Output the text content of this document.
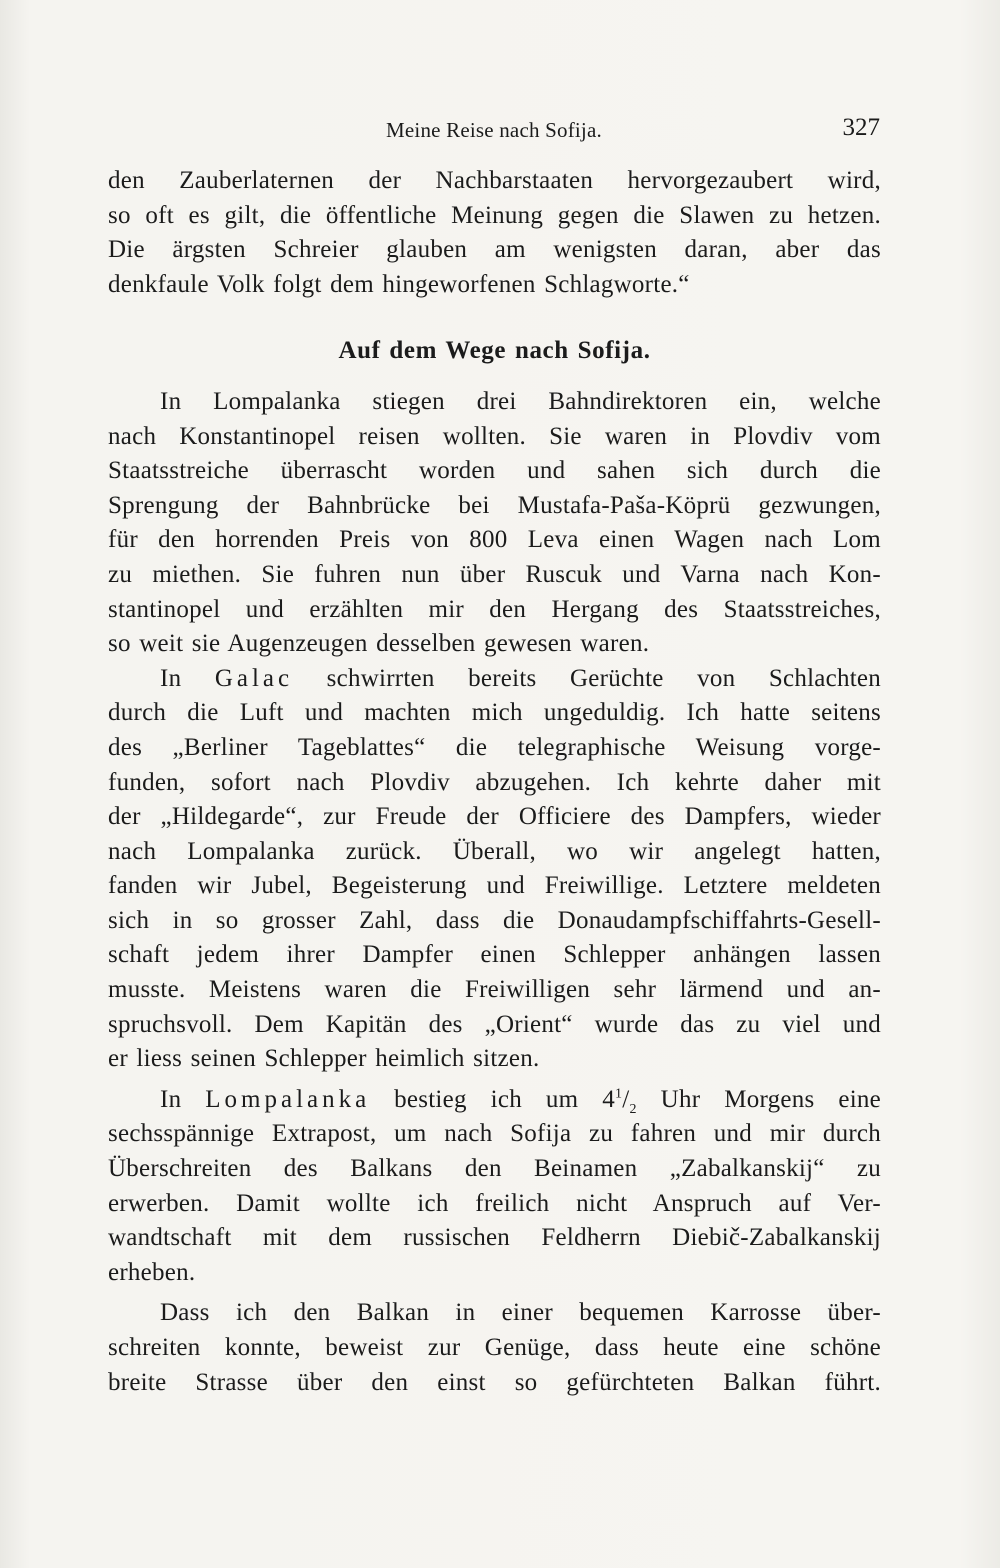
Meine Reise nach Sofija.	327

den Zauberlaternen der Nachbarstaaten hervorgezaubert wird,
so oft es gilt, die öffentliche Meinung gegen die Slawen zu hetzen.
Die ärgsten Schreier glauben am wenigsten daran, aber das
denkfaule Volk folgt dem hingeworfenen Schlagworte.“

Auf dem Wege nach Sofija.

In Lompalanka stiegen drei Bahndirektoren ein, welche
nach Konstantinopel reisen wollten. Sie waren in Plovdiv vom
Staatsstreiche überrascht worden und sahen sich durch die
Sprengung der Bahnbrücke bei Mustafa-Paša-Köprü gezwungen,
für den horrenden Preis von 800 Leva einen Wagen nach Lom
zu miethen. Sie fuhren nun über Ruscuk und Varna nach Kon-
stantinopel und erzählten mir den Hergang des Staatsstreiches,
so weit sie Augenzeugen desselben gewesen waren.

In Galac schwirrten bereits Gerüchte von Schlachten
durch die Luft und machten mich ungeduldig. Ich hatte seitens
des „Berliner Tageblattes“ die telegraphische Weisung vorge-
funden, sofort nach Plovdiv abzugehen. Ich kehrte daher mit
der „Hildegarde“, zur Freude der Officiere des Dampfers, wieder
nach Lompalanka zurück. Überall, wo wir angelegt hatten,
fanden wir Jubel, Begeisterung und Freiwillige. Letztere meldeten
sich in so grosser Zahl, dass die Donaudampfschiffahrts-Gesell-
schaft jedem ihrer Dampfer einen Schlepper anhängen lassen
musste. Meistens waren die Freiwilligen sehr lärmend und an-
spruchsvoll. Dem Kapitän des „Orient“ wurde das zu viel und
er liess seinen Schlepper heimlich sitzen.

In Lompalanka bestieg ich um $4^1/_2$ Uhr Morgens eine
sechsspännige Extrapost, um nach Sofija zu fahren und mir durch
Überschreiten des Balkans den Beinamen „Zabalkanskij“ zu
erwerben. Damit wollte ich freilich nicht Anspruch auf Ver-
wandtschaft mit dem russischen Feldherrn Diebič-Zabalkanskij
erheben.

Dass ich den Balkan in einer bequemen Karrosse über-
schreiten konnte, beweist zur Genüge, dass heute eine schöne
breite Strasse über den einst so gefürchteten Balkan führt.
